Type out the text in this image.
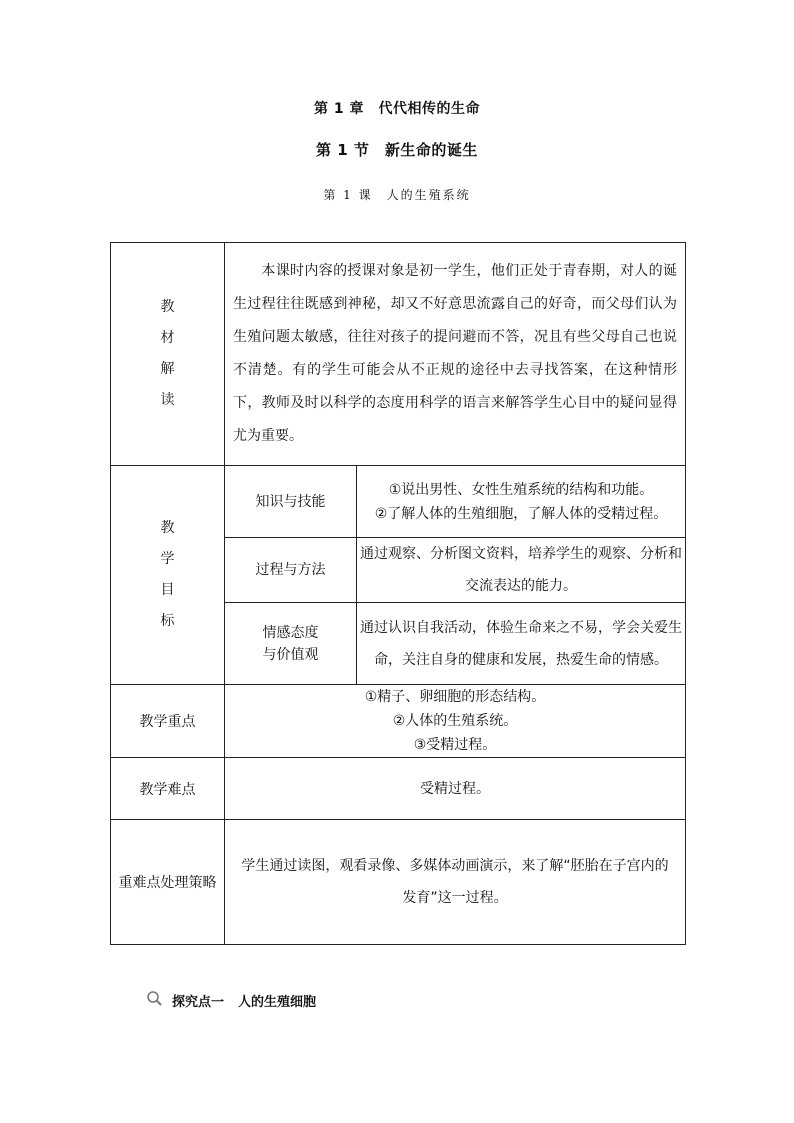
第 1 章　代代相传的生命
第 1 节　新生命的诞生
第 1 课　人的生殖系统
教材解读	本课时内容的授课对象是初一学生，他们正处于青春期，对人的诞生过程往往既感到神秘，却又不好意思流露自己的好奇，而父母们认为生殖问题太敏感，往往对孩子的提问避而不答，况且有些父母自己也说不清楚。有的学生可能会从不正规的途径中去寻找答案，在这种情形下，教师及时以科学的态度用科学的语言来解答学生心目中的疑问显得尤为重要。	

教学目标	知识与技能	①说出男性、女性生殖系统的结构和功能。
②了解人体的生殖细胞，了解人体的受精过程。

	过程与方法	通过观察、分析图文资料，培养学生的观察、分析和交流表达的能力。

	情感态度
与价值观	通过认识自我活动，体验生命来之不易，学会关爱生命，关注自身的健康和发展，热爱生命的情感。
教学重点	①精子、卵细胞的形态结构。
②人体的生殖系统。
③受精过程。	

教学难点	受精过程。	
重难点处理策略	学生通过读图，观看录像、多媒体动画演示，来了解“胚胎在子宫内的发育”这一过程。	
探究点一 人的生殖细胞
